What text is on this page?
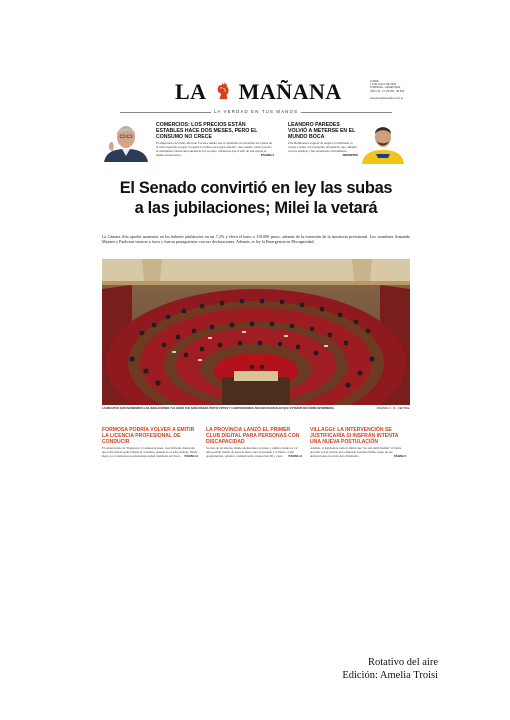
LA MAÑANA	LUNES
17 DE JULIO DE 2025
FORMOSA - ARGENTINA
AÑO LXI - Nº 23.456 - $1.500
www.lamañanaonline.com.ar
LA VERDAD EN TUS MANOS
COMERCIOS: LOS PRECIOS ESTÁN ESTABLES HACE DOS MESES, PERO EL CONSUMO NO CRECE
El empresario del rubro Ricardo Caceres señaló que el aguinaldo no movilizó las ventas en el nivel esperado porque "la gente lo utilizó para pagar deudas", aun cuando varios precios se mantienen. Desde una panadería por su parte, afirmaron que el kilo de pan cuesta lo mismo desde mayo.	PÁGINA 5
LEANDRO PAREDES VOLVIÓ A METERSE EN EL MUNDO BOCA
Una Bombonera explotó de alegría: la hinchada ya volvió a soñar con el jugador del mundo, que cumplió con las pruebas y fue presentado oficialmente.
DEPORTES
El Senado convirtió en ley las subas
a las jubilaciones; Milei la vetará
La Cámara Alta aprobó aumentos en los haberes jubilatorios en un 7,2% y eleva el bono a 110.000 pesos, además de la extensión de la moratoria previsional. Los senadores Armando Mayans y Paoltroni votaron a favor y fueron protagonistas con sus declaraciones. Además, es ley la Emergencia en Discapacidad.
LA INICIATIVA QUE INCREMENTA LAS JUBILACIONES Y EL BONO FUE SANCIONADA POR 52 VOTOS Y 4 ABSTENCIONES. MUCHOS RADICALES QUE VOTARON DE FORMA INTERMEDIA.	PÁGINAS 3 · 16 · CENTRAL
FORMOSA PODRÍA VOLVER A EMITIR LA LICENCIA PROFESIONAL DE CONDUCIR
El subsecretario de Transporte y Comunicaciones, José Orlando, mencionó que la Provincia podría firmar el convenio, aunque no se sabe cuándo. Desde mayo, los conductores profesionales deben tramitarla en Chaco. PÁGINA 11
LA PROVINCIA LANZÓ EL PRIMER CLUB DIGITAL PARA PERSONAS CON DISCAPACIDAD
Se trata de un entorno donde adolescentes, jóvenes y adultos desde los 14 años podrán formar un espacio único para el presente y el futuro, como programación, robótica, comunicación, inspección 3D y otros. PÁGINA 11
VILLAGGI: LA INTERVENCIÓN SE JUSTIFICARÍA SI INSFRÁN INTENTA UNA NUEVA POSTULACIÓN
Además, la legisladora radical afirmó que "no está debil Insfrán" el frente opositor con el partido de la diputada Gabriela Neme, luego de sus declaraciones en contra del oficialismo.	PÁGINA 6
Rotativo del aire
Edición: Amelia Troisi
